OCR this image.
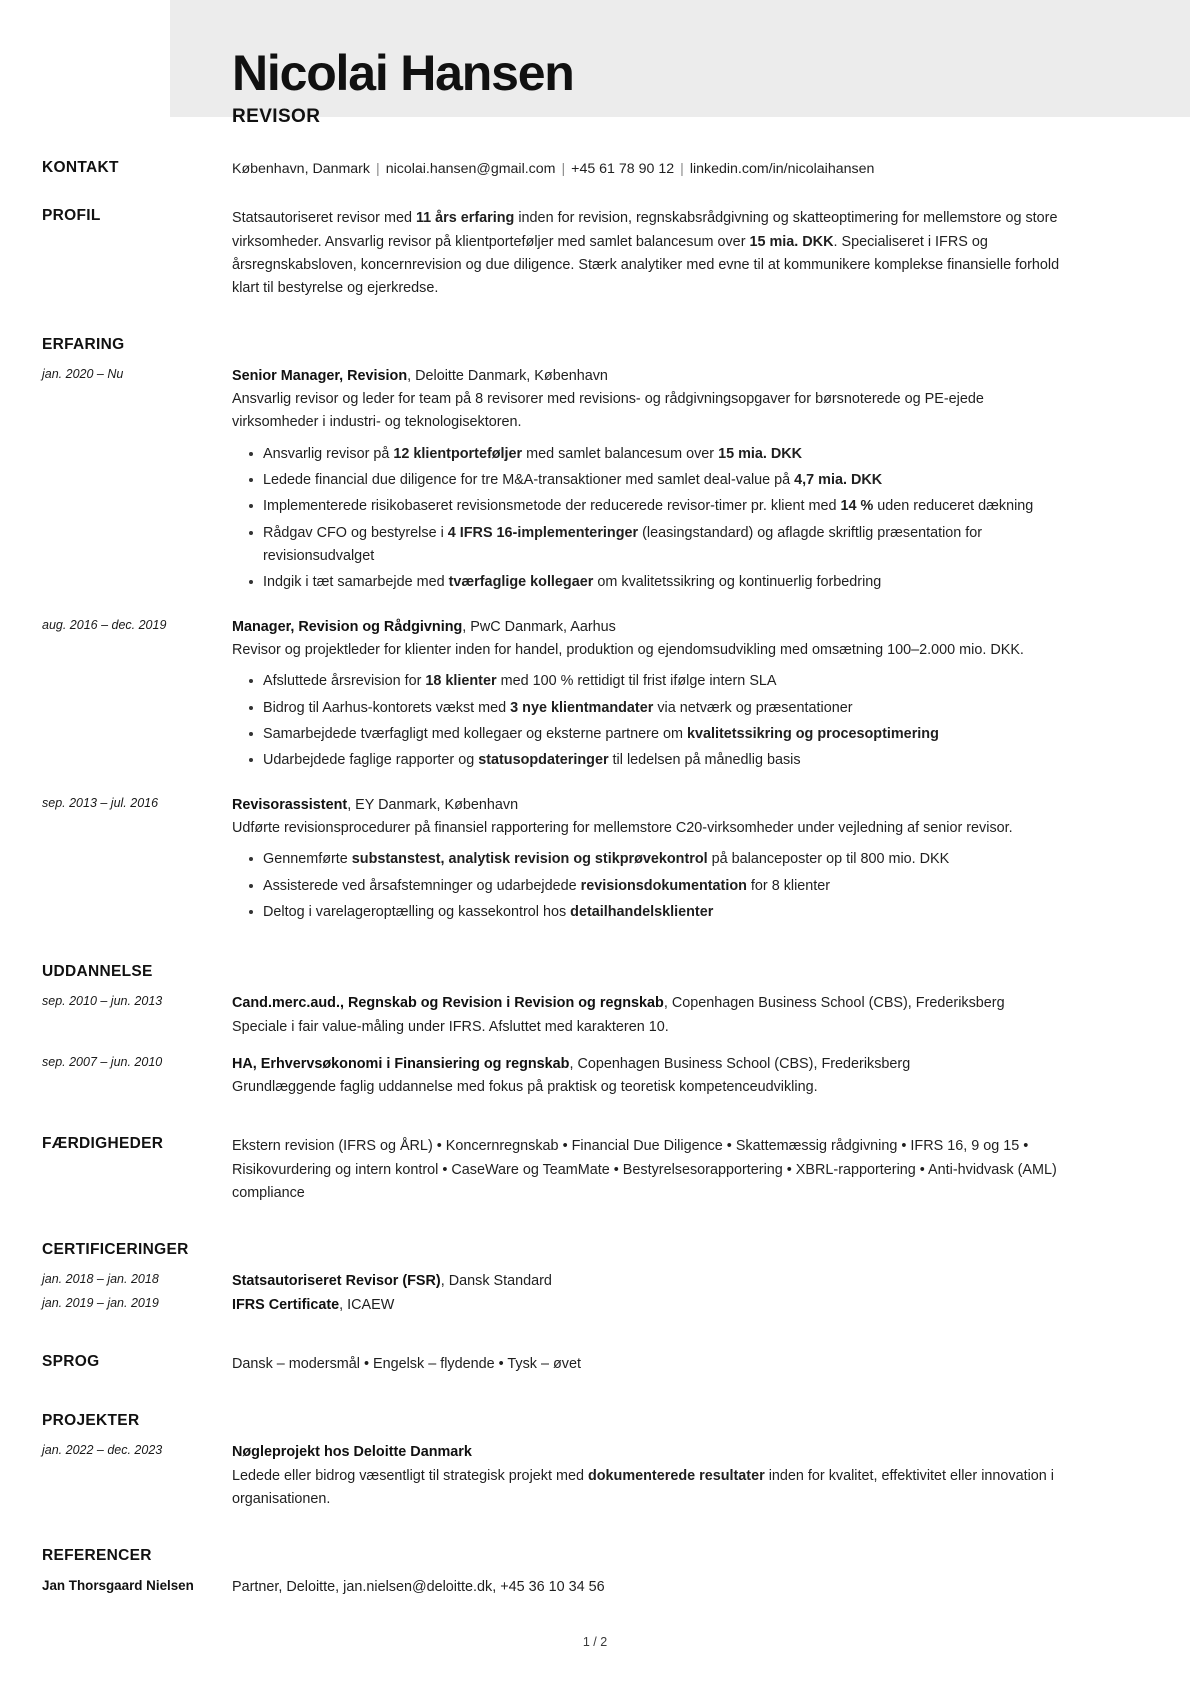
Nicolai Hansen
REVISOR
KONTAKT	København, Danmark | nicolai.hansen@gmail.com | +45 61 78 90 12 | linkedin.com/in/nicolaihansen
PROFIL	Statsautoriseret revisor med 11 års erfaring inden for revision, regnskabsrådgivning og skatteoptimering for mellemstore og store virksomheder. Ansvarlig revisor på klientporteføljer med samlet balancesum over 15 mia. DKK. Specialiseret i IFRS og årsregnskabsloven, koncernrevision og due diligence. Stærk analytiker med evne til at kommunikere komplekse finansielle forhold klart til bestyrelse og ejerkredse.
ERFARING
jan. 2020 – Nu	Senior Manager, Revision, Deloitte Danmark, København
Ansvarlig revisor og leder for team på 8 revisorer med revisions- og rådgivningsopgaver for børsnoterede og PE-ejede virksomheder i industri- og teknologisektoren.
Ansvarlig revisor på 12 klientporteføljer med samlet balancesum over 15 mia. DKK
Ledede financial due diligence for tre M&A-transaktioner med samlet deal-value på 4,7 mia. DKK
Implementerede risikobaseret revisionsmetode der reducerede revisor-timer pr. klient med 14 % uden reduceret dækning
Rådgav CFO og bestyrelse i 4 IFRS 16-implementeringer (leasingstandard) og aflagde skriftlig præsentation for revisionsudvalget
Indgik i tæt samarbejde med tværfaglige kollegaer om kvalitetssikring og kontinuerlig forbedring
aug. 2016 – dec. 2019	Manager, Revision og Rådgivning, PwC Danmark, Aarhus
Revisor og projektleder for klienter inden for handel, produktion og ejendomsudvikling med omsætning 100–2.000 mio. DKK.
Afsluttede årsrevision for 18 klienter med 100 % rettidigt til frist ifølge intern SLA
Bidrog til Aarhus-kontorets vækst med 3 nye klientmandater via netværk og præsentationer
Samarbejdede tværfagligt med kollegaer og eksterne partnere om kvalitetssikring og procesoptimering
Udarbejdede faglige rapporter og statusopdateringer til ledelsen på månedlig basis
sep. 2013 – jul. 2016	Revisorassistent, EY Danmark, København
Udførte revisionsprocedurer på finansiel rapportering for mellemstore C20-virksomheder under vejledning af senior revisor.
Gennemførte substanstest, analytisk revision og stikprøvekontrol på balanceposter op til 800 mio. DKK
Assisterede ved årsafstemninger og udarbejdede revisionsdokumentation for 8 klienter
Deltog i varelageroptælling og kassekontrol hos detailhandelsklienter
UDDANNELSE
sep. 2010 – jun. 2013	Cand.merc.aud., Regnskab og Revision i Revision og regnskab, Copenhagen Business School (CBS), Frederiksberg
Speciale i fair value-måling under IFRS. Afsluttet med karakteren 10.
sep. 2007 – jun. 2010	HA, Erhvervsøkonomi i Finansiering og regnskab, Copenhagen Business School (CBS), Frederiksberg
Grundlæggende faglig uddannelse med fokus på praktisk og teoretisk kompetenceudvikling.
FÆRDIGHEDER	Ekstern revision (IFRS og ÅRL) • Koncernregnskab • Financial Due Diligence • Skattemæssig rådgivning • IFRS 16, 9 og 15 • Risikovurdering og intern kontrol • CaseWare og TeamMate • Bestyrelsesorapportering • XBRL-rapportering • Anti-hvidvask (AML) compliance
CERTIFICERINGER
jan. 2018 – jan. 2018	Statsautoriseret Revisor (FSR), Dansk Standard
jan. 2019 – jan. 2019	IFRS Certificate, ICAEW
SPROG	Dansk – modersmål • Engelsk – flydende • Tysk – øvet
PROJEKTER
jan. 2022 – dec. 2023	Nøgleprojekt hos Deloitte Danmark
Ledede eller bidrog væsentligt til strategisk projekt med dokumenterede resultater inden for kvalitet, effektivitet eller innovation i organisationen.
REFERENCER
Jan Thorsgaard Nielsen	Partner, Deloitte, jan.nielsen@deloitte.dk, +45 36 10 34 56
1 / 2
